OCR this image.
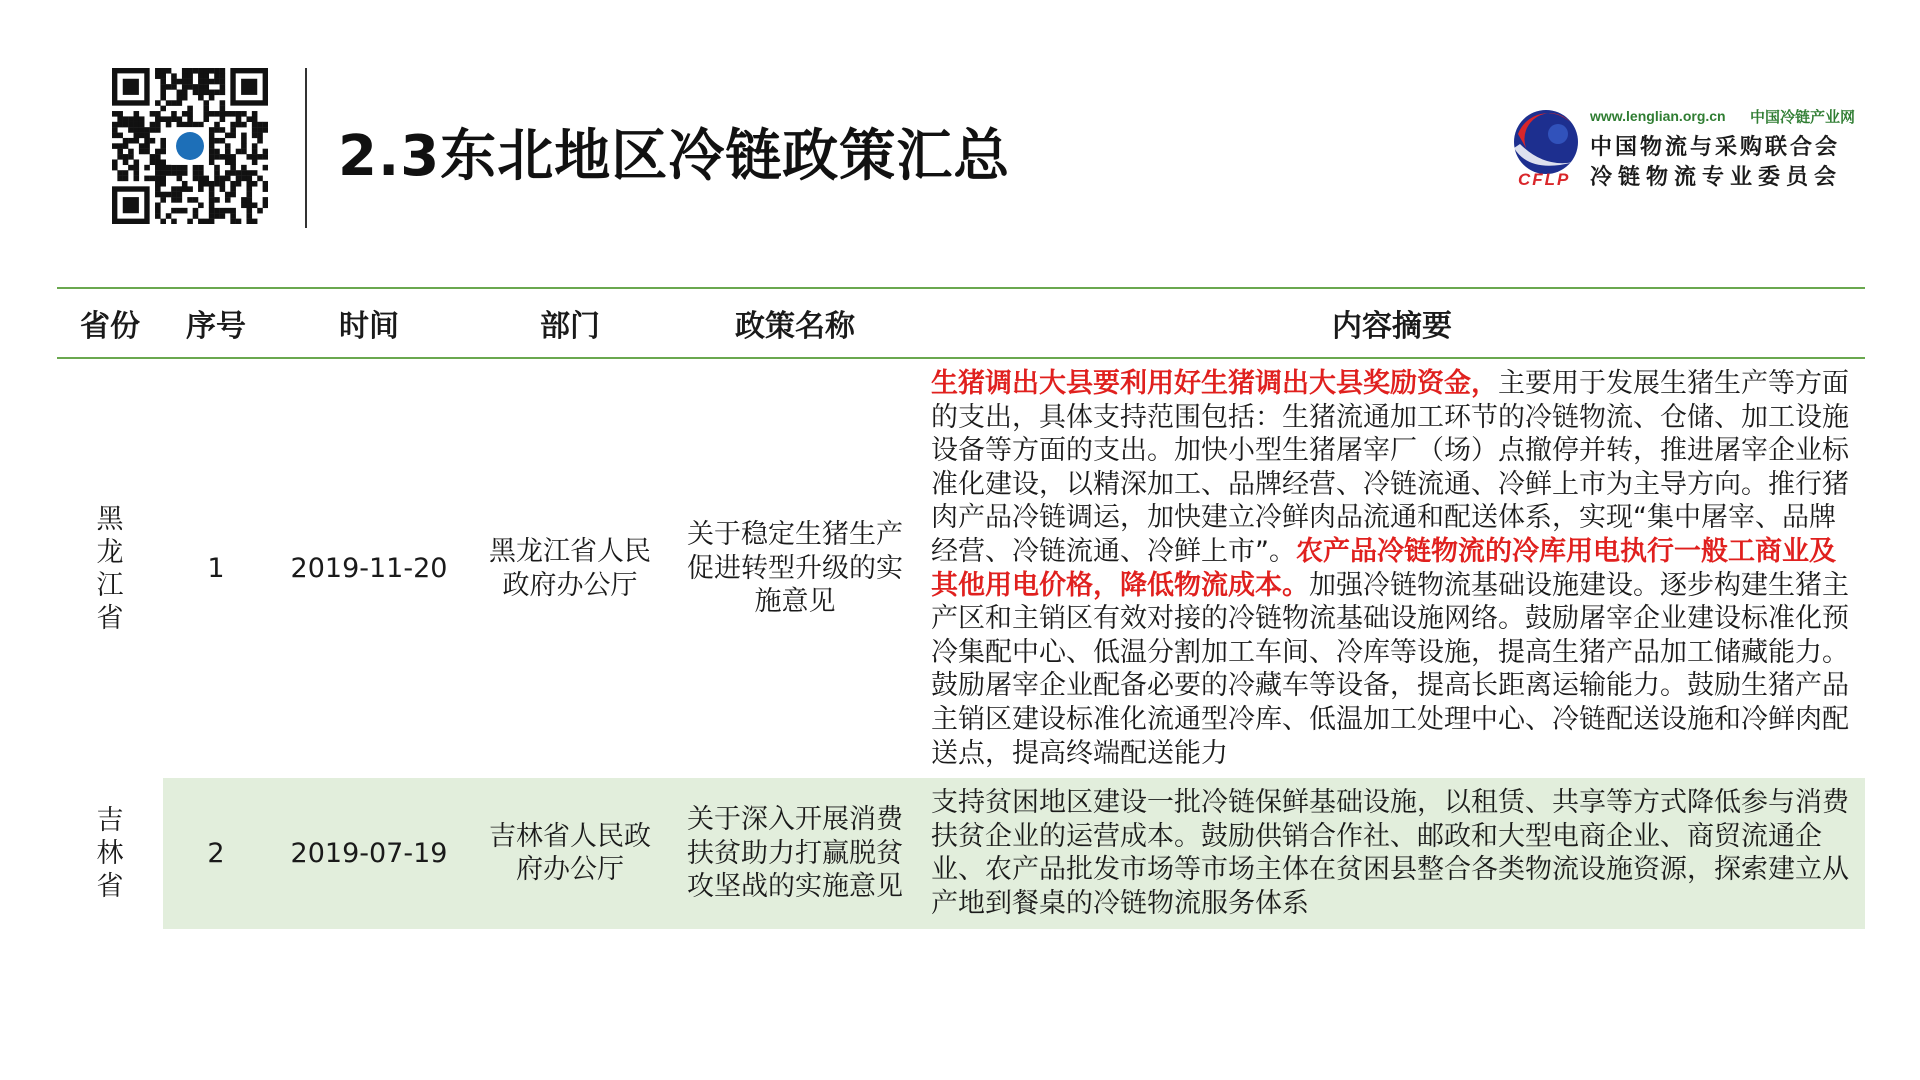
2.3东北地区冷链政策汇总
www.lenglian.org.cn 中国冷链产业网
中国物流与采购联合会
冷链物流专业委员会
CFLP
省份	序号	时间	部门	政策名称	内容摘要

黑龙江省	1	2019-11-20	黑龙江省人民政府办公厅	关于稳定生猪生产促进转型升级的实施意见	生猪调出大县要利用好生猪调出大县奖励资金，主要用于发展生猪生产等方面的支出，具体支持范围包括：生猪流通加工环节的冷链物流、仓储、加工设施设备等方面的支出。加快小型生猪屠宰厂（场）点撤停并转，推进屠宰企业标准化建设，以精深加工、品牌经营、冷链流通、冷鲜上市为主导方向。推行猪肉产品冷链调运，加快建立冷鲜肉品流通和配送体系，实现“集中屠宰、品牌经营、冷链流通、冷鲜上市”。农产品冷链物流的冷库用电执行一般工商业及其他用电价格，降低物流成本。加强冷链物流基础设施建设。逐步构建生猪主产区和主销区有效对接的冷链物流基础设施网络。鼓励屠宰企业建设标准化预冷集配中心、低温分割加工车间、冷库等设施，提高生猪产品加工储藏能力。鼓励屠宰企业配备必要的冷藏车等设备，提高长距离运输能力。鼓励生猪产品主销区建设标准化流通型冷库、低温加工处理中心、冷链配送设施和冷鲜肉配送点，提高终端配送能力

吉林省	2	2019-07-19	吉林省人民政府办公厅	关于深入开展消费扶贫助力打赢脱贫攻坚战的实施意见	支持贫困地区建设一批冷链保鲜基础设施，以租赁、共享等方式降低参与消费扶贫企业的运营成本。鼓励供销合作社、邮政和大型电商企业、商贸流通企业、农产品批发市场等市场主体在贫困县整合各类物流设施资源，探索建立从产地到餐桌的冷链物流服务体系
